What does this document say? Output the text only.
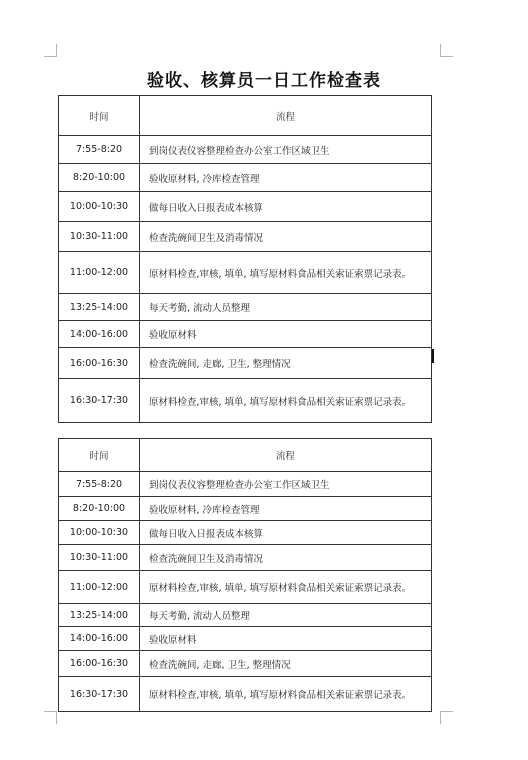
验收、核算员一日工作检查表
时间	流程
7:55-8:20	到岗仪表仪容整理检查办公室工作区域卫生
8:20-10:00	验收原材料, 冷库检查管理
10:00-10:30	做每日收入日报表成本核算
10:30-11:00	检查洗碗间卫生及消毒情况
11:00-12:00	原材料检查,审核, 填单, 填写原材料食品相关索证索票记录表。
13:25-14:00	每天考勤, 流动人员整理
14:00-16:00	验收原材料
16:00-16:30	检查洗碗间, 走廊, 卫生, 整理情况
16:30-17:30	原材料检查,审核, 填单, 填写原材料食品相关索证索票记录表。
时间	流程
7:55-8:20	到岗仪表仪容整理检查办公室工作区域卫生
8:20-10:00	验收原材料, 冷库检查管理
10:00-10:30	做每日收入日报表成本核算
10:30-11:00	检查洗碗间卫生及消毒情况
11:00-12:00	原材料检查,审核, 填单, 填写原材料食品相关索证索票记录表。
13:25-14:00	每天考勤, 流动人员整理
14:00-16:00	验收原材料
16:00-16:30	检查洗碗间, 走廊, 卫生, 整理情况
16:30-17:30	原材料检查,审核, 填单, 填写原材料食品相关索证索票记录表。
